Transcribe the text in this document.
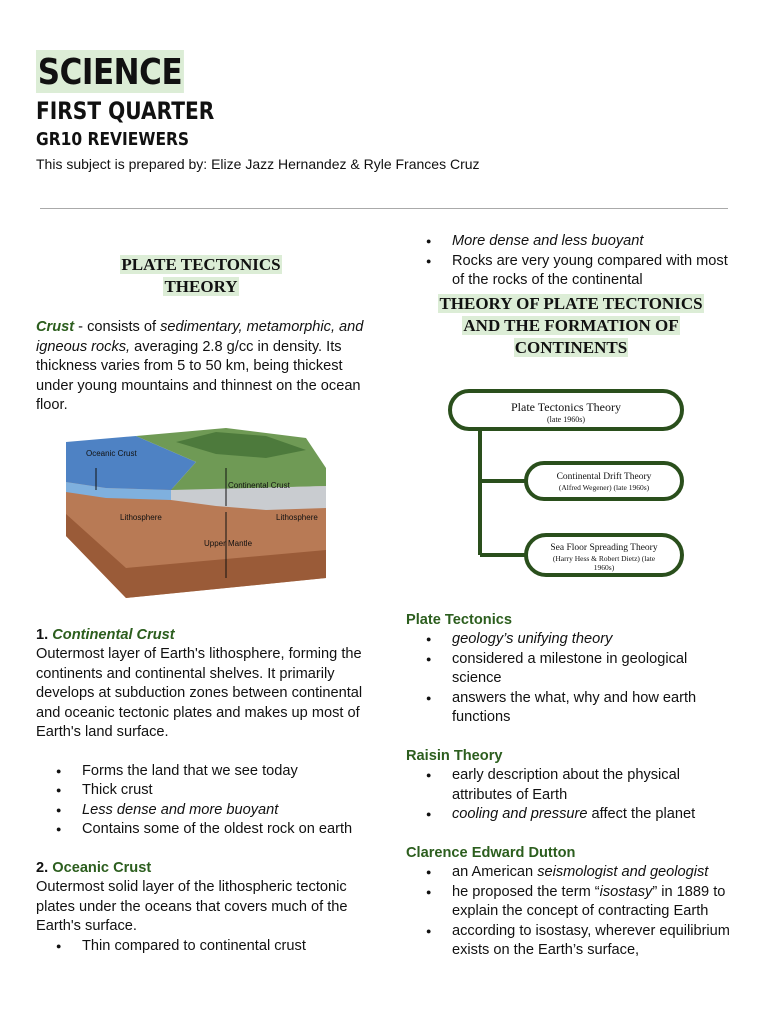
SCIENCE
FIRST QUARTER
GR10 REVIEWERS
This subject is prepared by: Elize Jazz Hernandez & Ryle Frances Cruz
PLATE TECTONICS
THEORY

Crust - consists of sedimentary, metamorphic, and igneous rocks, averaging 2.8 g/cc in density. Its thickness varies from 5 to 50 km, being thickest under young mountains and thinnest on the ocean floor.

Oceanic Crust
Continental Crust
Lithosphere	Lithosphere
Upper Mantle
1. Continental Crust

Outermost layer of Earth's lithosphere, forming the continents and continental shelves. It primarily develops at subduction zones between continental and oceanic tectonic plates and makes up most of Earth's land surface.

● Forms the land that we see today
● Thick crust
● Less dense and more buoyant
● Contains some of the oldest rock on earth
2. Oceanic Crust

Outermost solid layer of the lithospheric tectonic plates under the oceans that covers much of the Earth's surface.

● Thin compared to continental crust
● More dense and less buoyant
● Rocks are very young compared with most of the rocks of the continental
THEORY OF PLATE TECTONICS
AND THE FORMATION OF
CONTINENTS
Plate Tectonics Theory
(late 1960s)
Continental Drift Theory
(Alfred Wegener) (late 1960s)
Sea Floor Spreading Theory
(Harry Hess & Robert Dietz) (late
1960s)
Plate Tectonics
● geology’s unifying theory
● considered a milestone in geological science
● answers the what, why and how earth functions
Raisin Theory
● early description about the physical attributes of Earth
● cooling and pressure affect the planet
Clarence Edward Dutton
● an American seismologist and geologist
● he proposed the term “isostasy” in 1889 to explain the concept of contracting Earth
● according to isostasy, wherever equilibrium exists on the Earth’s surface,
